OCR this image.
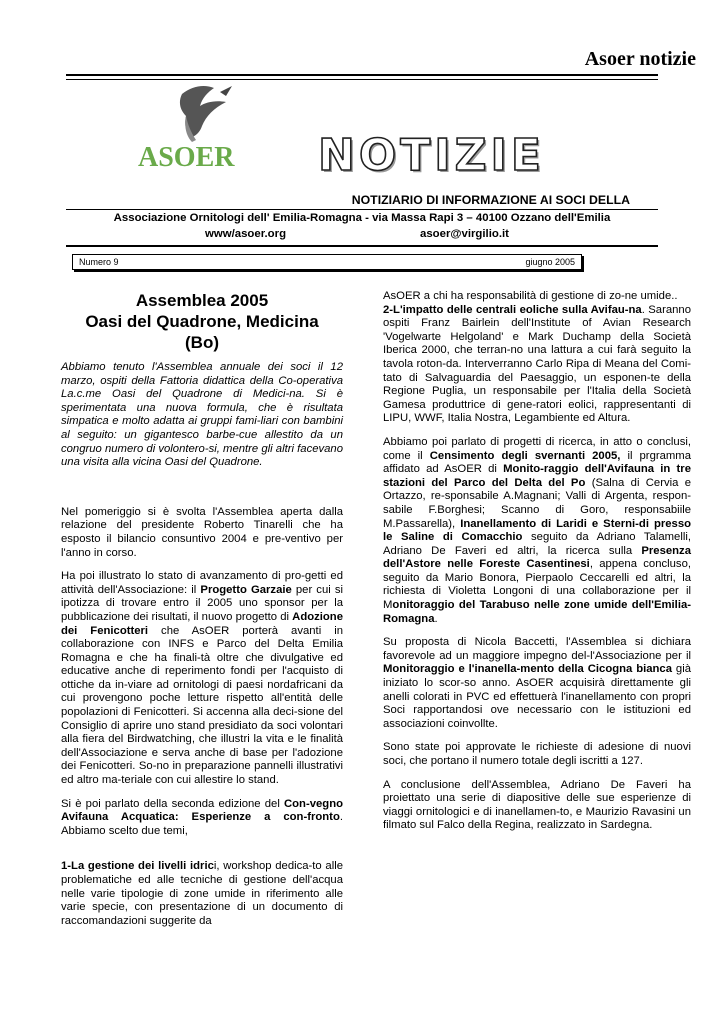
Asoer notizie

ASOER NOTIZIE

NOTIZIARIO DI INFORMAZIONE AI SOCI DELLA

Associazione Ornitologi dell' Emilia-Romagna - via Massa Rapi 3 – 40100 Ozzano dell'Emilia

www/asoer.org	asoer@virgilio.it
Numero 9	giugno 2005
Assemblea 2005
Oasi del Quadrone, Medicina
(Bo)

Abbiamo tenuto l'Assemblea annuale dei soci il 12 marzo, ospiti della Fattoria didattica della Co-operativa La.c.me Oasi del Quadrone di Medici-na. Si è sperimentata una nuova formula, che è risultata simpatica e molto adatta ai gruppi fami-liari con bambini al seguito: un gigantesco barbe-cue allestito da un congruo numero di volontero-si, mentre gli altri facevano una visita alla vicina Oasi del Quadrone.

Nel pomeriggio si è svolta l'Assemblea aperta dalla relazione del presidente Roberto Tinarelli che ha esposto il bilancio consuntivo 2004 e pre-ventivo per l'anno in corso.

Ha poi illustrato lo stato di avanzamento di pro-getti ed attività dell'Associazione: il Progetto Garzaie per cui si ipotizza di trovare entro il 2005 uno sponsor per la pubblicazione dei risultati, il nuovo progetto di Adozione dei Fenicotteri che AsOER porterà avanti in collaborazione con INFS e Parco del Delta Emilia Romagna e che ha finali-tà oltre che divulgative ed educative anche di reperimento fondi per l'acquisto di ottiche da in-viare ad ornitologi di paesi nordafricani da cui provengono poche letture rispetto all'entità delle popolazioni di Fenicotteri. Si accenna alla deci-sione del Consiglio di aprire uno stand presidiato da soci volontari alla fiera del Birdwatching, che illustri la vita e le finalità dell'Associazione e serva anche di base per l'adozione dei Fenicotteri. So-no in preparazione pannelli illustrativi ed altro ma-teriale con cui allestire lo stand.

Si è poi parlato della seconda edizione del Con-vegno Avifauna Acquatica: Esperienze a con-fronto. Abbiamo scelto due temi,

1-La gestione dei livelli idrici, workshop dedica-to alle problematiche ed alle tecniche di gestione dell'acqua nelle varie tipologie di zone umide in riferimento alle varie specie, con presentazione di un documento di raccomandazioni suggerite da

AsOER a chi ha responsabilità di gestione di zo-ne umide..
2-L'impatto delle centrali eoliche sulla Avifau-na. Saranno ospiti Franz Bairlein dell'Institute of Avian Research 'Vogelwarte Helgoland' e Mark Duchamp della Società Iberica 2000, che terran-no una lattura a cui farà seguito la tavola roton-da. Interverranno Carlo Ripa di Meana del Comi-tato di Salvaguardia del Paesaggio, un esponen-te della Regione Puglia, un responsabile per l'Italia della Società Gamesa produttrice di gene-ratori eolici, rappresentanti di LIPU, WWF, Italia Nostra, Legambiente ed Altura.

Abbiamo poi parlato di progetti di ricerca, in atto o conclusi, come il Censimento degli svernanti 2005, il prgramma affidato ad AsOER di Monito-raggio dell'Avifauna in tre stazioni del Parco del Delta del Po (Salna di Cervia e Ortazzo, re-sponsabile A.Magnani; Valli di Argenta, respon-sabile F.Borghesi; Scanno di Goro, responsabiile M.Passarella), Inanellamento di Laridi e Sterni-di presso le Saline di Comacchio seguito da Adriano Talamelli, Adriano De Faveri ed altri, la ricerca sulla Presenza dell'Astore nelle Foreste Casentinesi, appena concluso, seguito da Mario Bonora, Pierpaolo Ceccarelli ed altri, la richiesta di Violetta Longoni di una collaborazione per il Monitoraggio del Tarabuso nelle zone umide dell'Emilia-Romagna.

Su proposta di Nicola Baccetti, l'Assemblea si dichiara favorevole ad un maggiore impegno del-l'Associazione per il Monitoraggio e l'inanella-mento della Cicogna bianca già iniziato lo scor-so anno. AsOER acquisirà direttamente gli anelli colorati in PVC ed effettuerà l'inanellamento con propri Soci rapportandosi ove necessario con le istituzioni ed associazioni coinvollte.

Sono state poi approvate le richieste di adesione di nuovi soci, che portano il numero totale degli iscritti a 127.

A conclusione dell'Assemblea, Adriano De Faveri ha proiettato una serie di diapositive delle sue esperienze di viaggi ornitologici e di inanellamen-to, e Maurizio Ravasini un filmato sul Falco della Regina, realizzato in Sardegna.
